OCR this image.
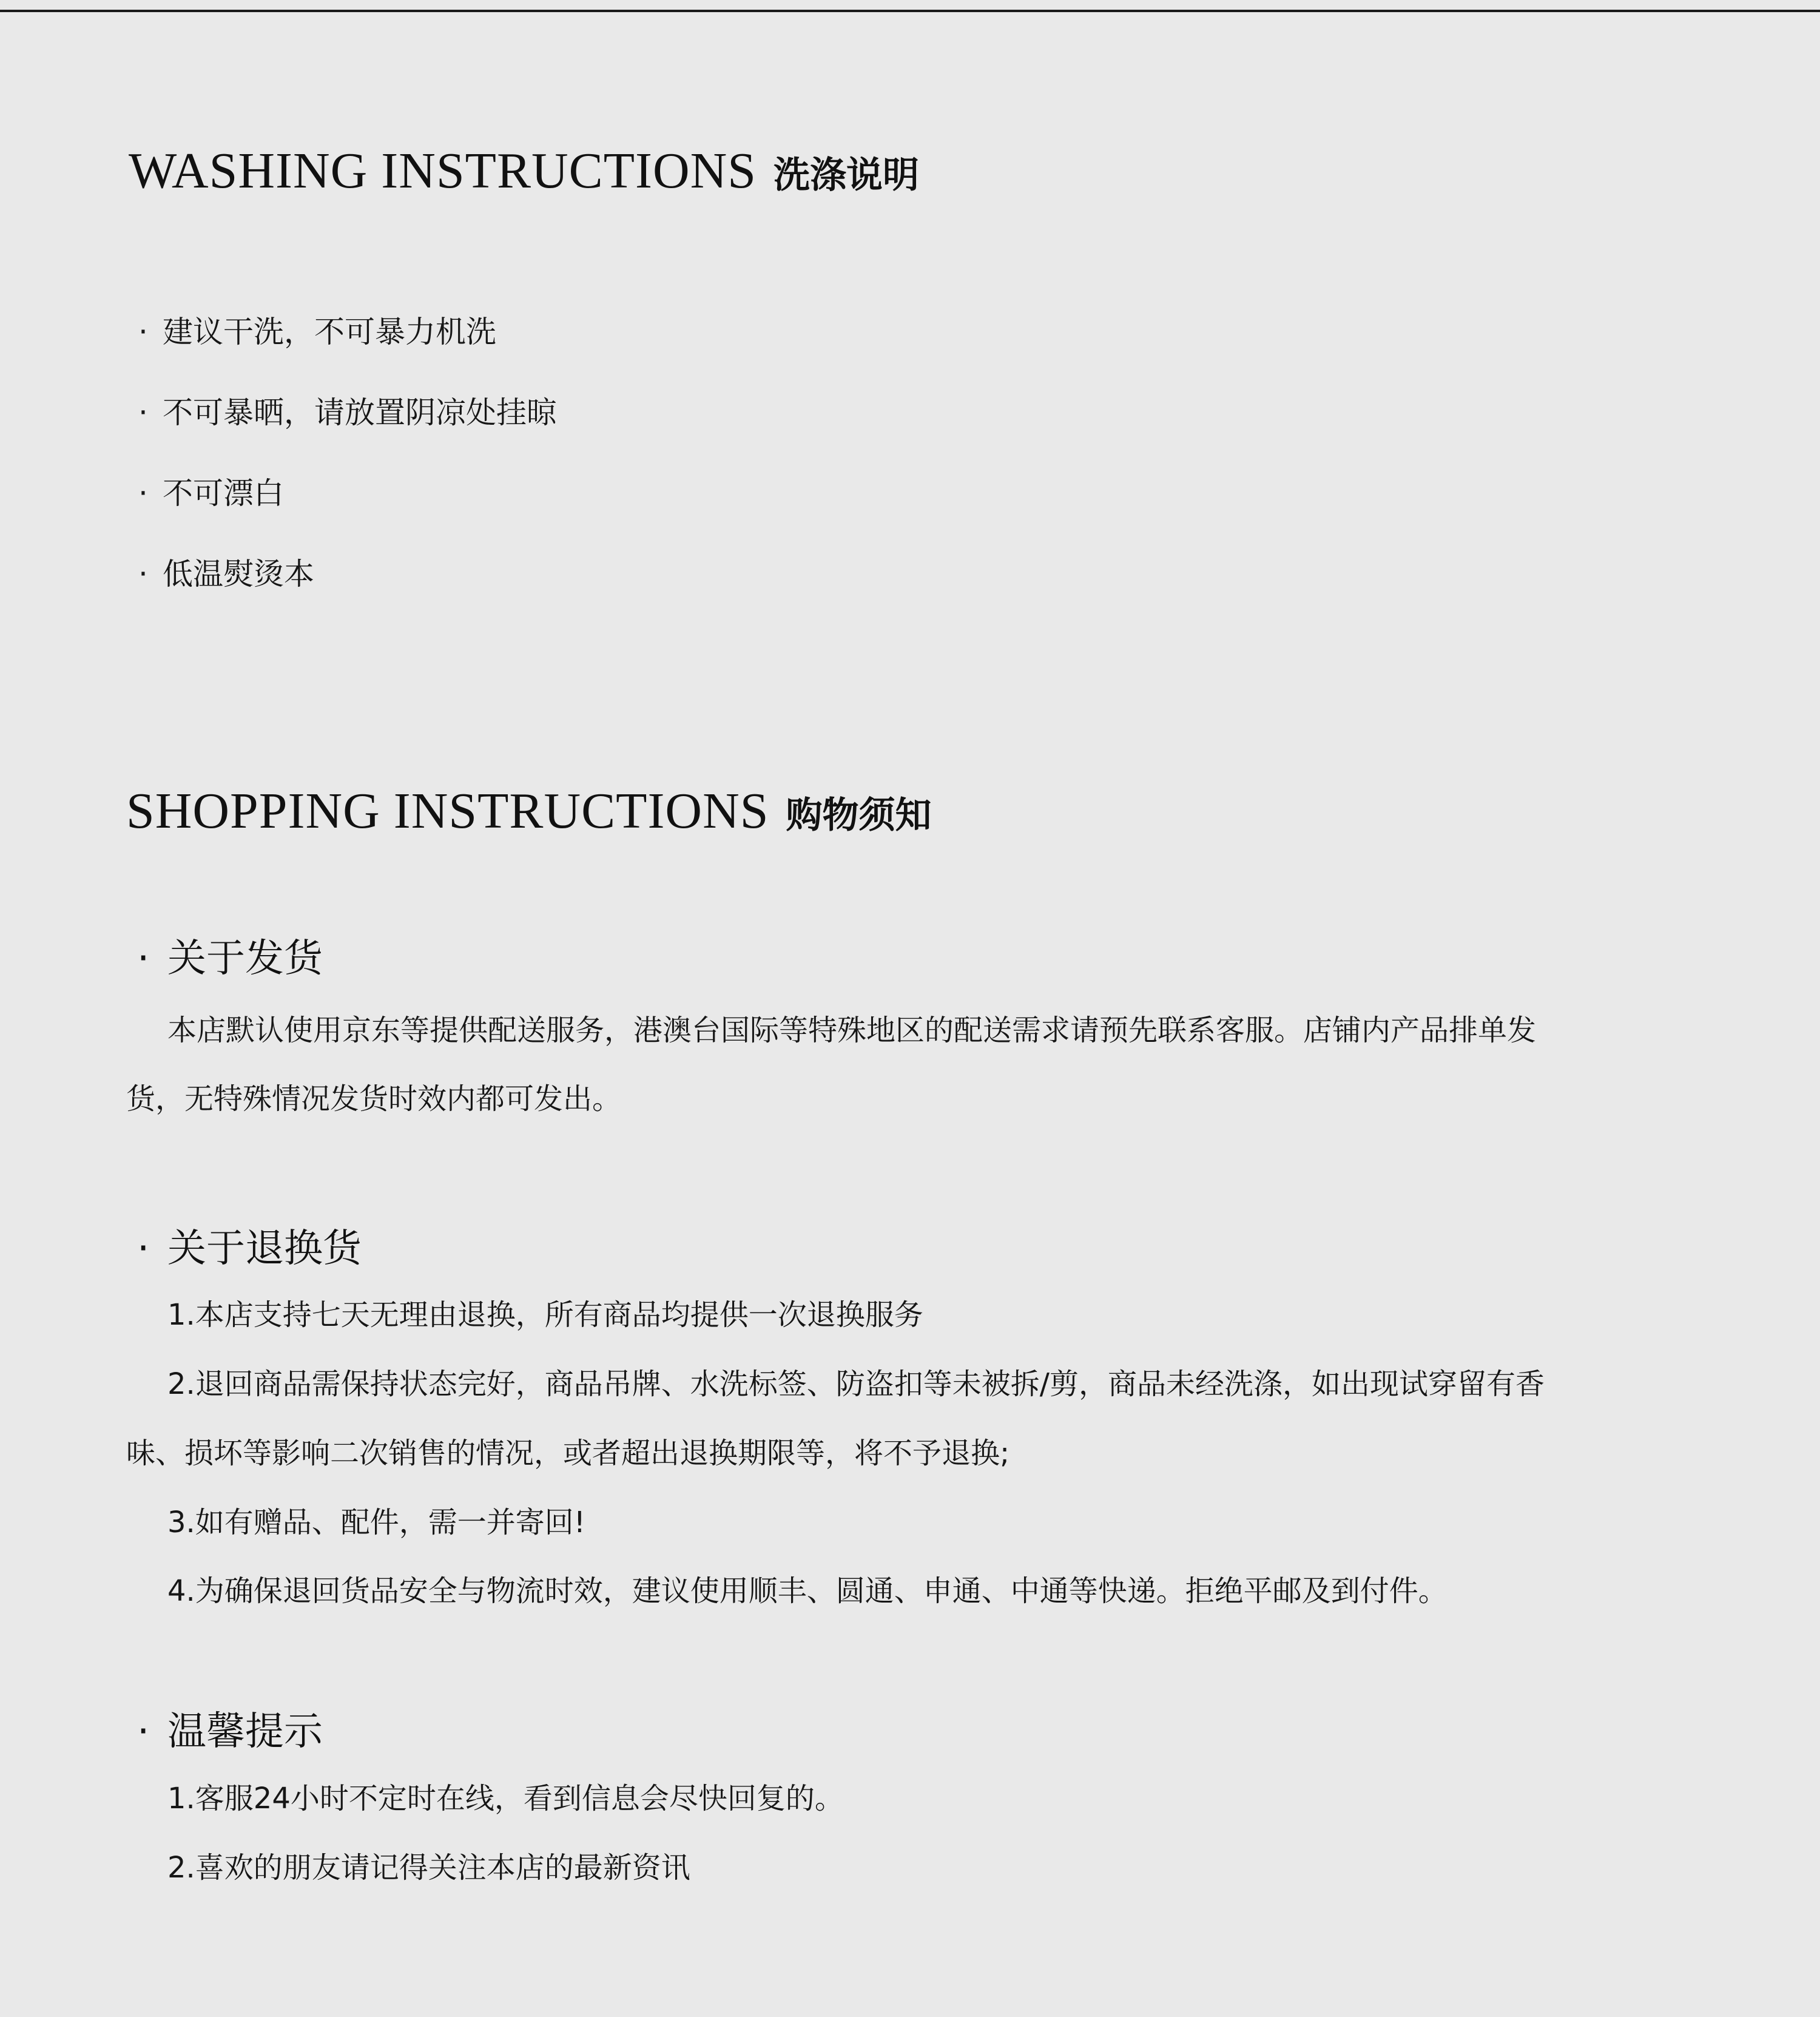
WASHING INSTRUCTIONS 洗涤说明
· 建议干洗，不可暴力机洗
· 不可暴晒，请放置阴凉处挂晾
· 不可漂白
· 低温熨烫本
SHOPPING INSTRUCTIONS 购物须知
· 关于发货
本店默认使用京东等提供配送服务，港澳台国际等特殊地区的配送需求请预先联系客服。店铺内产品排单发
货，无特殊情况发货时效内都可发出。
· 关于退换货
1.本店支持七天无理由退换，所有商品均提供一次退换服务
2.退回商品需保持状态完好，商品吊牌、水洗标签、防盗扣等未被拆/剪，商品未经洗涤，如出现试穿留有香
味、损坏等影响二次销售的情况，或者超出退换期限等，将不予退换;
3.如有赠品、配件，需一并寄回!
4.为确保退回货品安全与物流时效，建议使用顺丰、圆通、申通、中通等快递。拒绝平邮及到付件。
· 温馨提示
1.客服24小时不定时在线，看到信息会尽快回复的。
2.喜欢的朋友请记得关注本店的最新资讯
